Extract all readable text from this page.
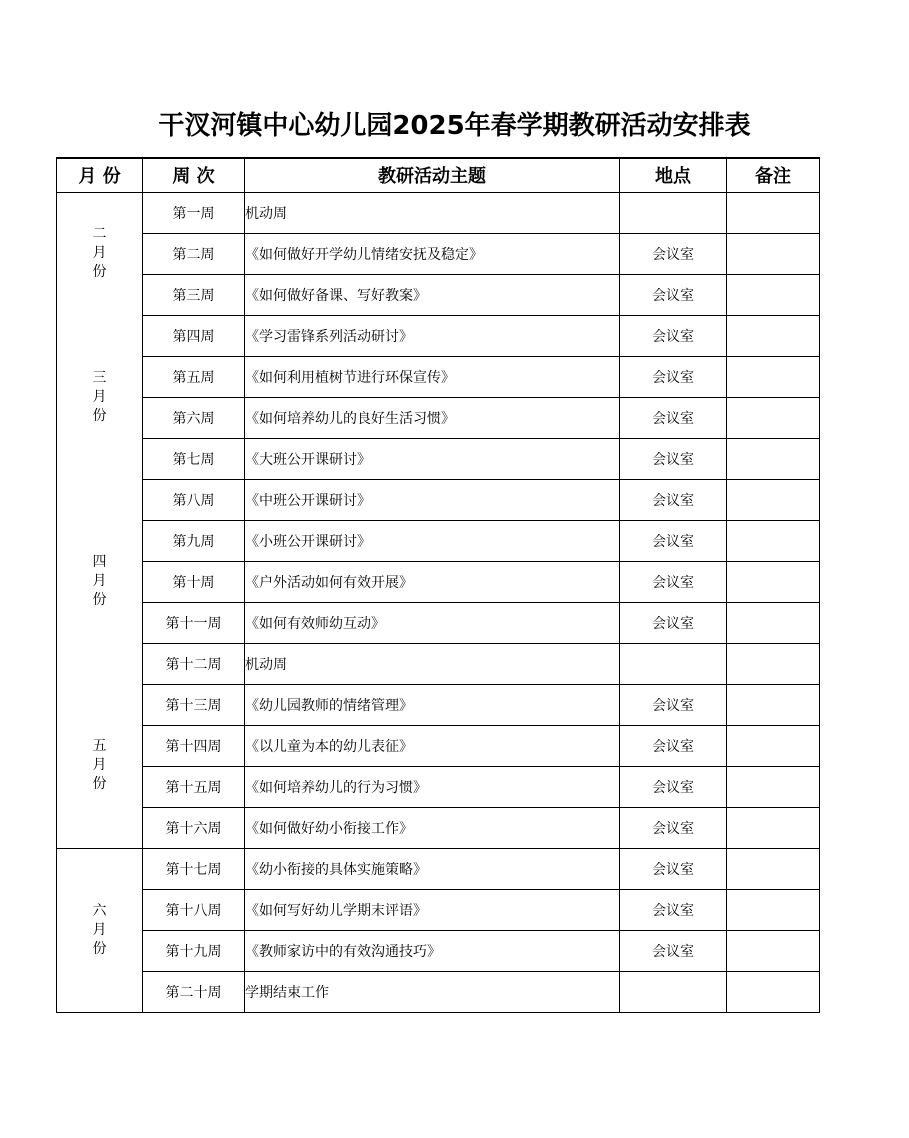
干汊河镇中心幼儿园2025年春学期教研活动安排表
月 份	周 次	教研活动主题	地点	备注
二月份	第一周	机动周		
	第二周	《如何做好开学幼儿情绪安抚及稳定》	会议室	
	第三周	《如何做好备课、写好教案》	会议室	
三月份	第四周	《学习雷锋系列活动研讨》	会议室	
	第五周	《如何利用植树节进行环保宣传》	会议室	
	第六周	《如何培养幼儿的良好生活习惯》	会议室	
	第七周	《大班公开课研讨》	会议室	
四月份	第八周	《中班公开课研讨》	会议室	
	第九周	《小班公开课研讨》	会议室	
	第十周	《户外活动如何有效开展》	会议室	
	第十一周	《如何有效师幼互动》	会议室	
	第十二周	机动周		
五月份	第十三周	《幼儿园教师的情绪管理》	会议室	
	第十四周	《以儿童为本的幼儿表征》	会议室	
	第十五周	《如何培养幼儿的行为习惯》	会议室	
	第十六周	《如何做好幼小衔接工作》	会议室	
六月份	第十七周	《幼小衔接的具体实施策略》	会议室	
	第十八周	《如何写好幼儿学期末评语》	会议室	
	第十九周	《教师家访中的有效沟通技巧》	会议室	
	第二十周	学期结束工作		
